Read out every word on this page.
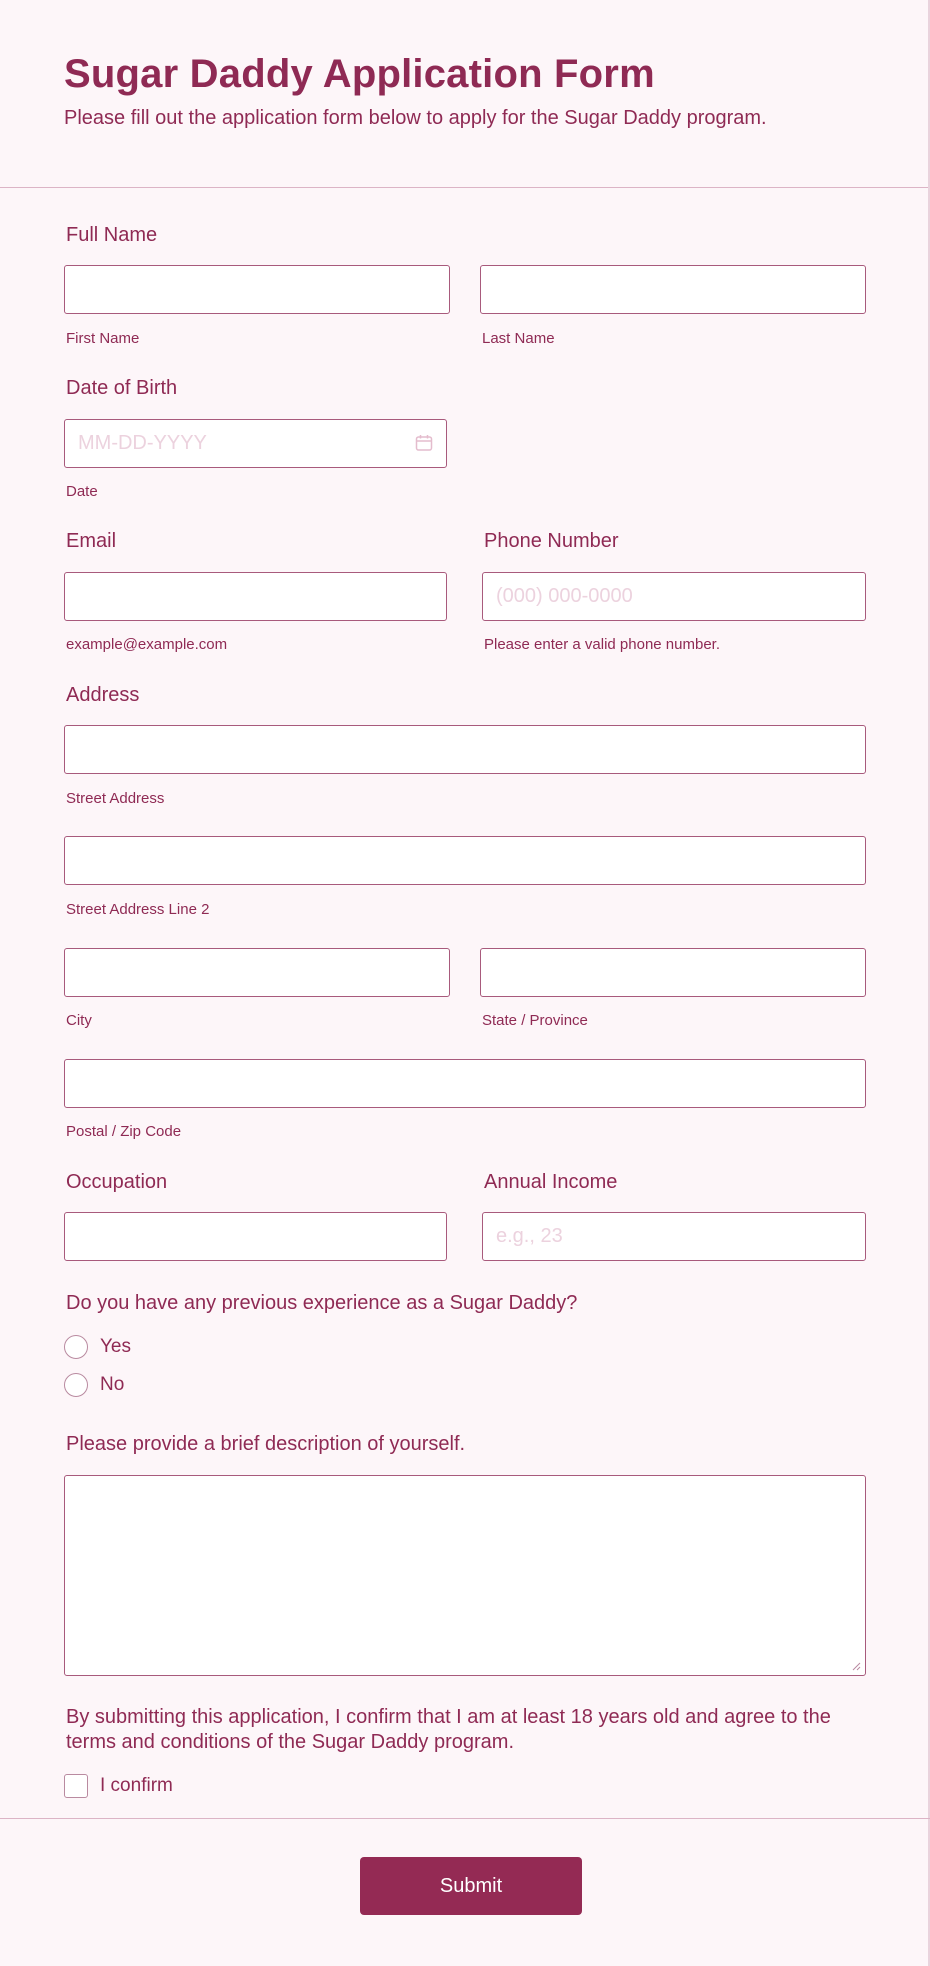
Sugar Daddy Application Form

Please fill out the application form below to apply for the Sugar Daddy program.

Full Name
First Name	Last Name
Date of Birth
MM-DD-YYYY
Date
Email	Phone Number
(000) 000-0000
example@example.com	Please enter a valid phone number.
Address
Street Address
Street Address Line 2
City	State / Province
Postal / Zip Code
Occupation	Annual Income
e.g., 23
Do you have any previous experience as a Sugar Daddy?
Yes
No
Please provide a brief description of yourself.
By submitting this application, I confirm that I am at least 18 years old and agree to the terms and conditions of the Sugar Daddy program.
I confirm
Submit
